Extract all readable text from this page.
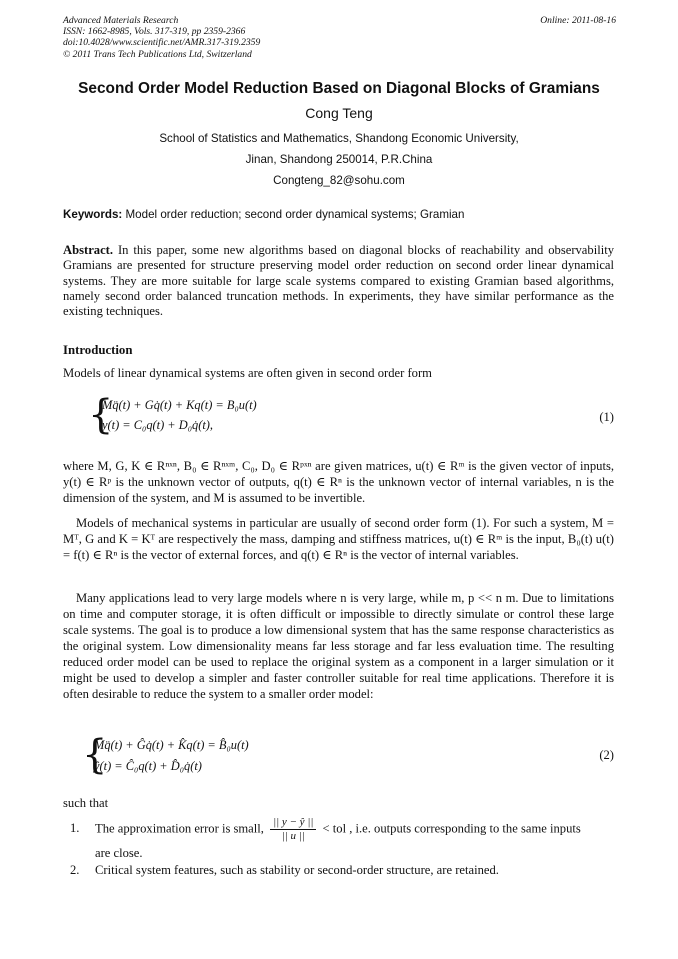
Advanced Materials Research
ISSN: 1662-8985, Vols. 317-319, pp 2359-2366
doi:10.4028/www.scientific.net/AMR.317-319.2359
© 2011 Trans Tech Publications Ltd, Switzerland
Online: 2011-08-16
Second Order Model Reduction Based on Diagonal Blocks of Gramians
Cong Teng
School of Statistics and Mathematics, Shandong Economic University,
Jinan, Shandong 250014, P.R.China
Congteng_82@sohu.com
Keywords: Model order reduction; second order dynamical systems; Gramian
Abstract. In this paper, some new algorithms based on diagonal blocks of reachability and observability Gramians are presented for structure preserving model order reduction on second order linear dynamical systems. They are more suitable for large scale systems compared to existing Gramian based algorithms, namely second order balanced truncation methods. In experiments, they have similar performance as the existing techniques.
Introduction
Models of linear dynamical systems are often given in second order form
{
Mq̈(t) + Gq̇(t) + Kq(t) = B₀u(t)
y(t) = C₀q(t) + D₀q̇(t),
(1)
where M, G, K ∈ Rⁿˣⁿ, B₀ ∈ Rⁿˣᵐ, C₀, D₀ ∈ Rᵖˣⁿ are given matrices, u(t) ∈ Rᵐ is the given vector of inputs, y(t) ∈ Rᵖ is the unknown vector of outputs, q(t) ∈ Rⁿ is the unknown vector of internal variables, n is the dimension of the system, and M is assumed to be invertible.
Models of mechanical systems in particular are usually of second order form (1). For such a system, M = Mᵀ, G and K = Kᵀ are respectively the mass, damping and stiffness matrices, u(t) ∈ Rᵐ is the input, B₀(t) u(t) = f(t) ∈ Rⁿ is the vector of external forces, and q(t) ∈ Rⁿ is the vector of internal variables.
Many applications lead to very large models where n is very large, while m, p << n m. Due to limitations on time and computer storage, it is often difficult or impossible to directly simulate or control these large scale systems. The goal is to produce a low dimensional system that has the same response characteristics as the original system. Low dimensionality means far less storage and far less evaluation time. The resulting reduced order model can be used to replace the original system as a component in a larger simulation or it might be used to develop a simpler and faster controller suitable for real time applications. Therefore it is often desirable to reduce the system to a smaller order model:
{
M̂q̈(t) + Ĝq̇(t) + K̂q(t) = B̂₀u(t)
ŷ(t) = Ĉ₀q(t) + D̂₀q̇(t)
(2)
such that
1. The approximation error is small, $\frac{|| y - ŷ ||}{|| u ||}$ < tol , i.e. outputs corresponding to the same inputs
are close.
2. Critical system features, such as stability or second-order structure, are retained.
